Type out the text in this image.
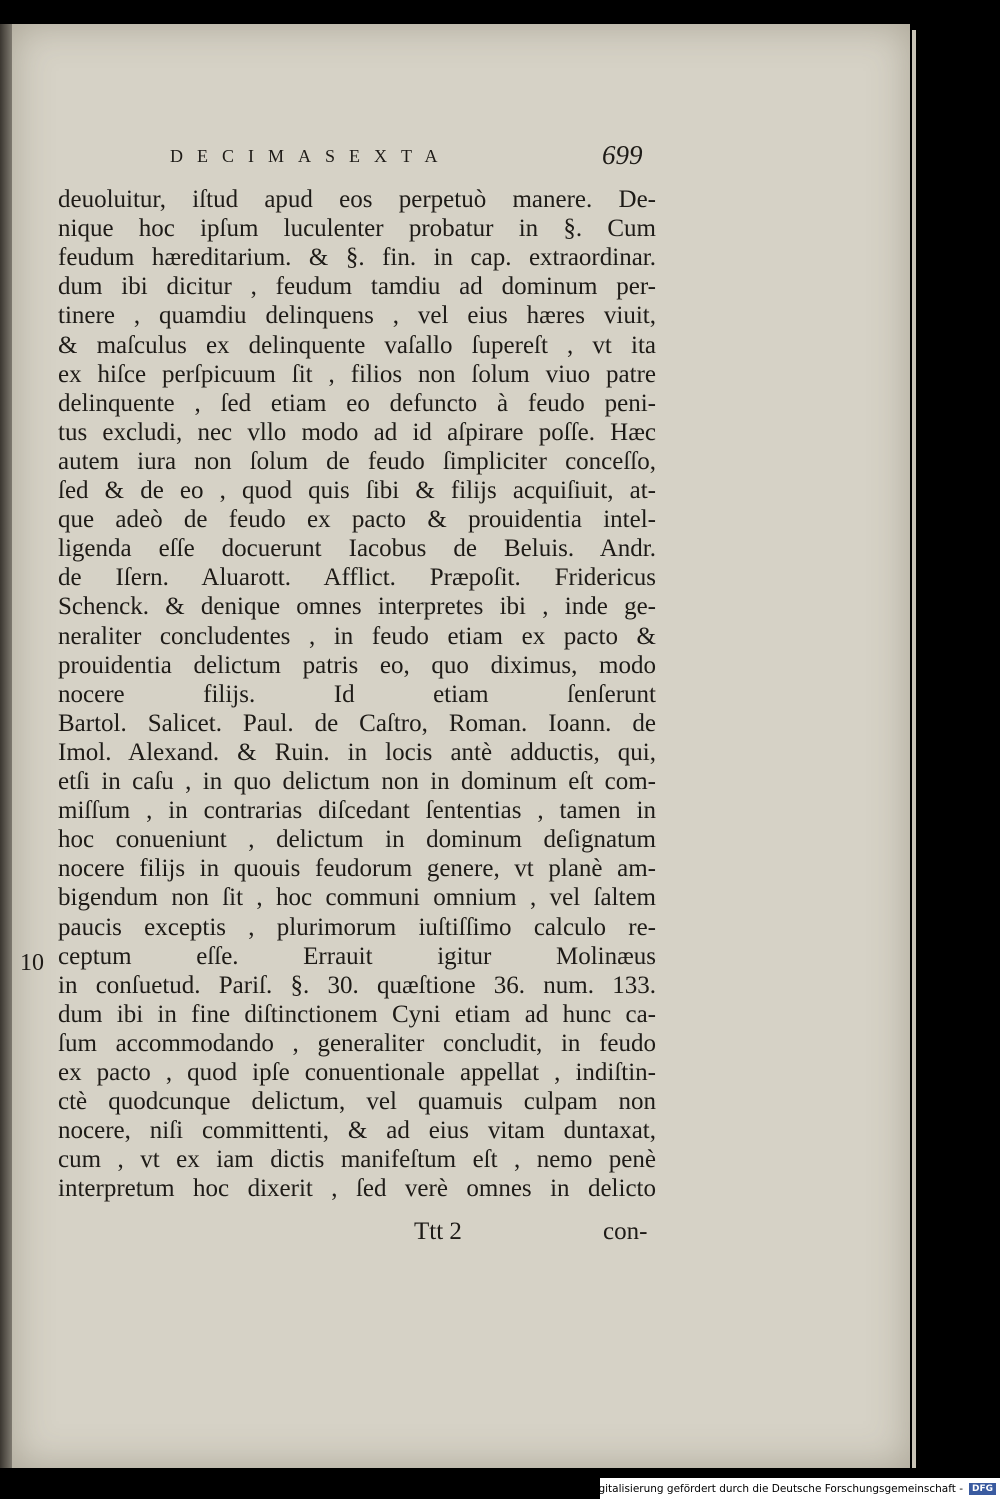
DECIMASEXTA	699

deuoluitur, iſtud apud eos perpetuò manere. De-

nique hoc ipſum luculenter probatur in §. Cum

feudum hæreditarium. & §. fin. in cap. extraordinar.

dum ibi dicitur , feudum tamdiu ad dominum per-

tinere , quamdiu delinquens , vel eius hæres viuit,

& maſculus ex delinquente vaſallo ſupereſt , vt ita

ex hiſce perſpicuum ſit , filios non ſolum viuo patre

delinquente , ſed etiam eo defuncto à feudo peni-

tus excludi, nec vllo modo ad id aſpirare poſſe. Hæc

autem iura non ſolum de feudo ſimpliciter conceſſo,

ſed & de eo , quod quis ſibi & filijs acquiſiuit, at-

que adeò de feudo ex pacto & prouidentia intel-

ligenda eſſe docuerunt Iacobus de Beluis. Andr.

de Iſern. Aluarott. Afflict. Præpoſit. Fridericus

Schenck. & denique omnes interpretes ibi , inde ge-

neraliter concludentes , in feudo etiam ex pacto &

prouidentia delictum patris eo, quo diximus, modo

nocere filijs. Id etiam ſenſerunt

Bartol. Salicet. Paul. de Caſtro, Roman. Ioann. de

Imol. Alexand. & Ruin. in locis antè adductis, qui,

etſi in caſu , in quo delictum non in dominum eſt com-

miſſum , in contrarias diſcedant ſententias , tamen in

hoc conueniunt , delictum in dominum deſignatum

nocere filijs in quouis feudorum genere, vt planè am-

bigendum non ſit , hoc communi omnium , vel ſaltem

paucis exceptis , plurimorum iuſtiſſimo calculo re-

ceptum eſſe. Errauit igitur Molinæus

in conſuetud. Pariſ. §. 30. quæſtione 36. num. 133.

dum ibi in fine diſtinctionem Cyni etiam ad hunc ca-

ſum accommodando , generaliter concludit, in feudo

ex pacto , quod ipſe conuentionale appellat , indiſtin-

ctè quodcunque delictum, vel quamuis culpam non

nocere, niſi committenti, & ad eius vitam duntaxat,

cum , vt ex iam dictis manifeſtum eſt , nemo penè

interpretum hoc dixerit , ſed verè omnes in delicto

10
Ttt 2	con-
Digitalisierung gefördert durch die Deutsche Forschungsgemeinschaft -	DFG
